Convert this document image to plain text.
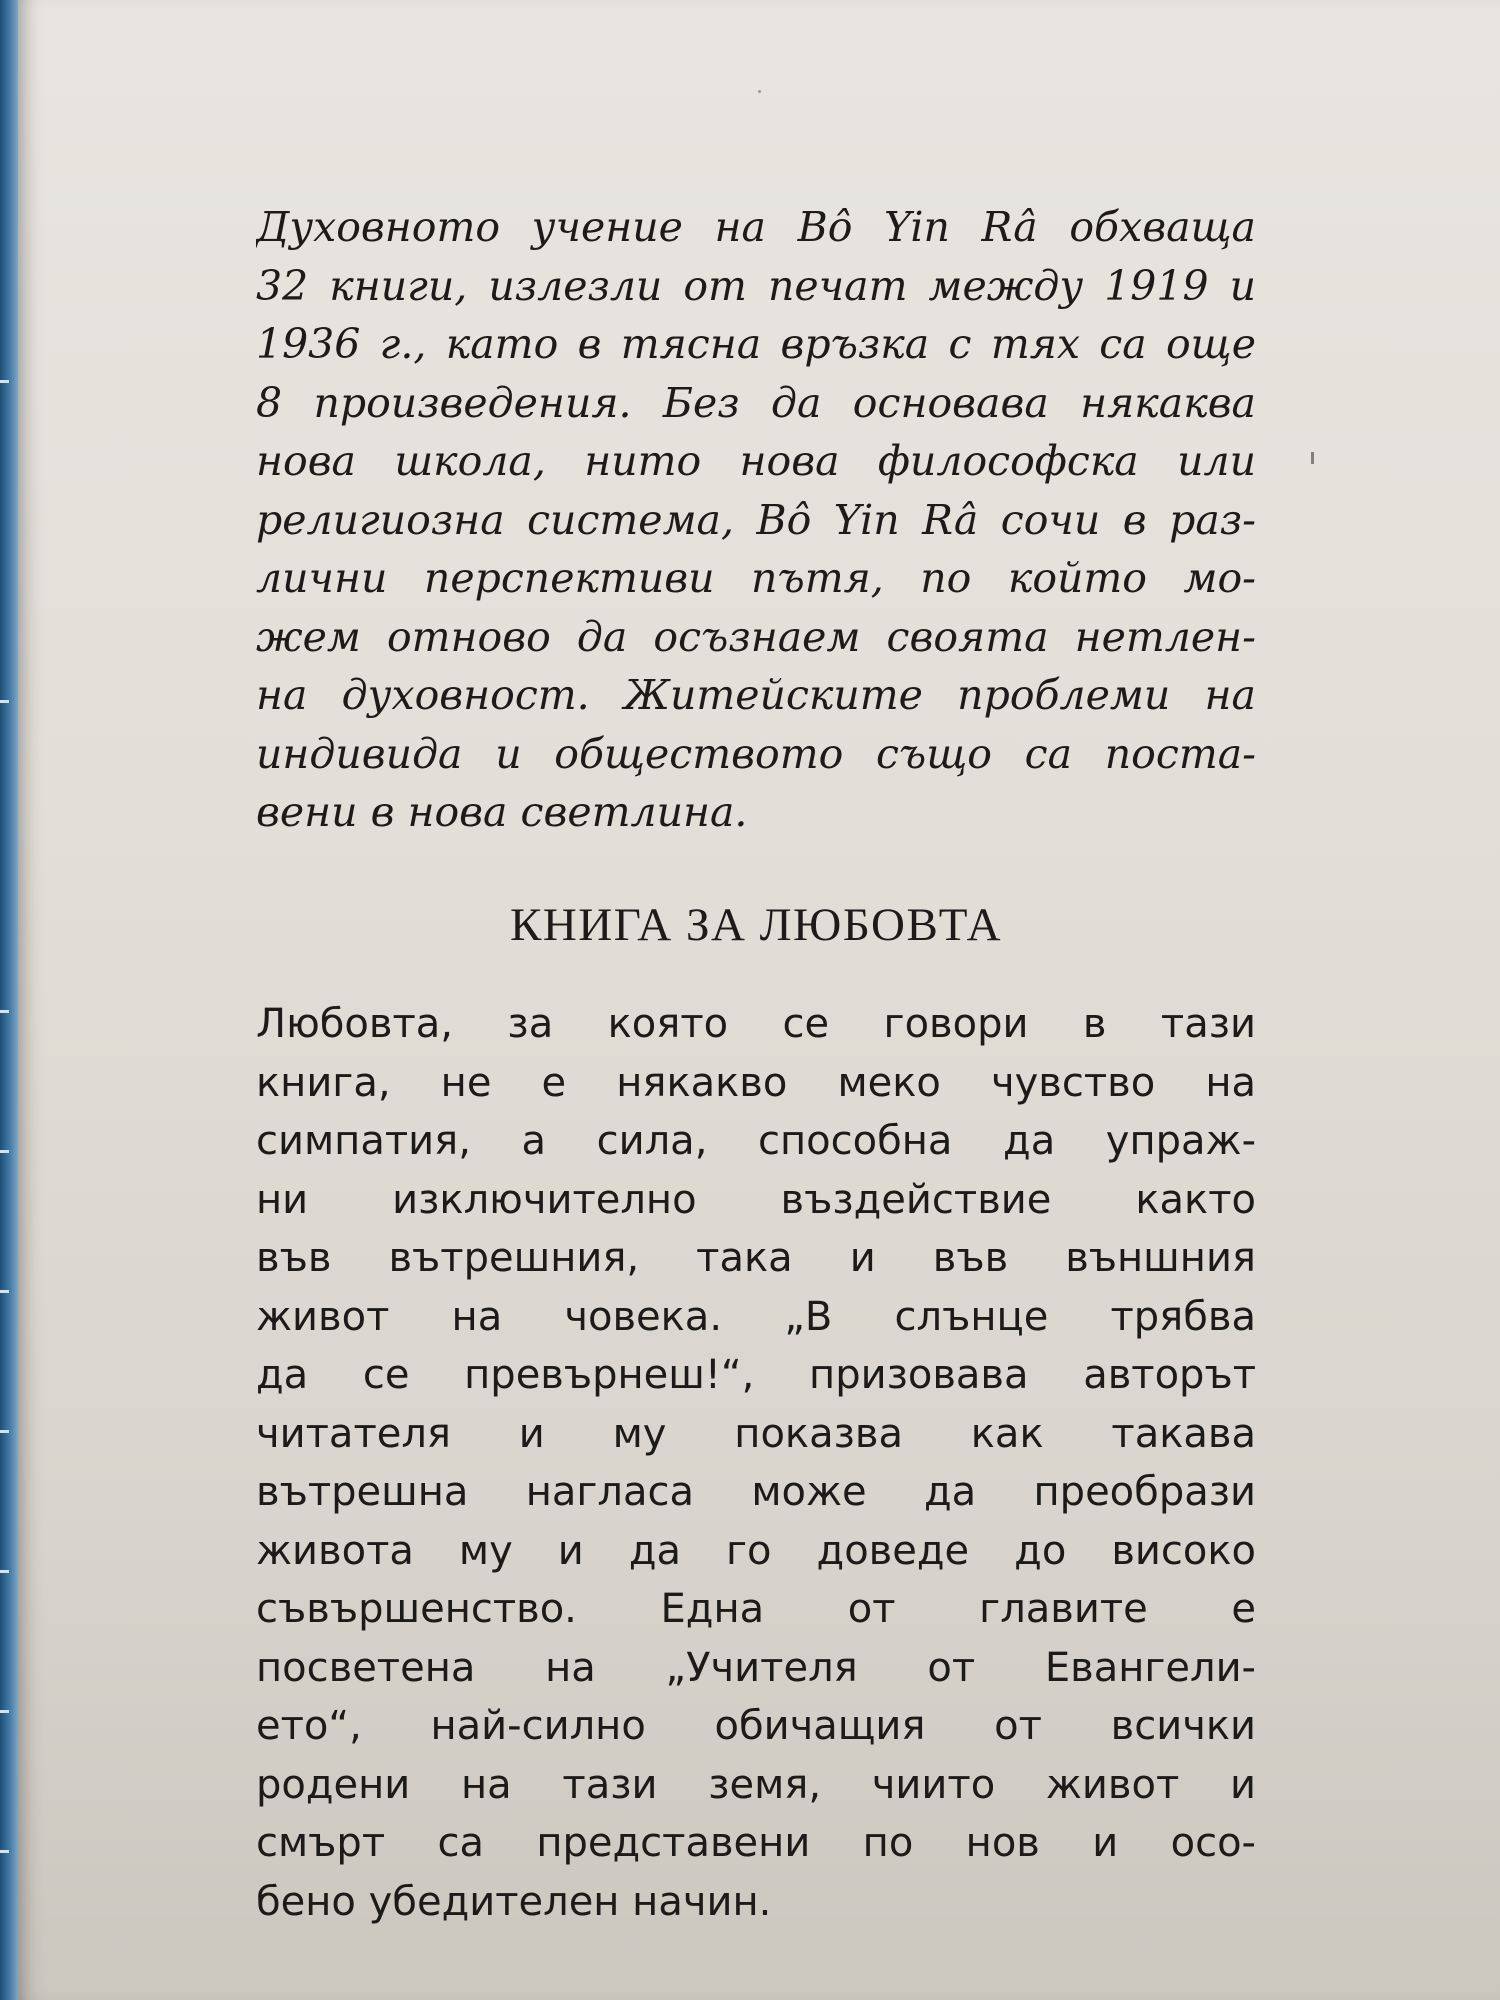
Духовното учение на Bô Yin Râ обхваща
32 книги, излезли от печат между 1919 и
1936 г., като в тясна връзка с тях са още
8 произведения. Без да основава някаква
нова школа, нито нова философска или
религиозна система, Bô Yin Râ сочи в раз-
лични перспективи пътя, по който мо-
жем отново да осъзнаем своята нетлен-
на духовност. Житейските проблеми на
индивида и обществото също са поста-
вени в нова светлина.
КНИГА ЗА ЛЮБОВТА
Любовта, за която се говори в тази
книга, не е някакво меко чувство на
симпатия, а сила, способна да упраж-
ни изключително въздействие както
във вътрешния, така и във външния
живот на човека. „В слънце трябва
да се превърнеш!“, призовава авторът
читателя и му показва как такава
вътрешна нагласа може да преобрази
живота му и да го доведе до високо
съвършенство. Една от главите е
посветена на „Учителя от Евангели-
ето“, най-силно обичащия от всички
родени на тази земя, чиито живот и
смърт са представени по нов и осо-
бено убедителен начин.
